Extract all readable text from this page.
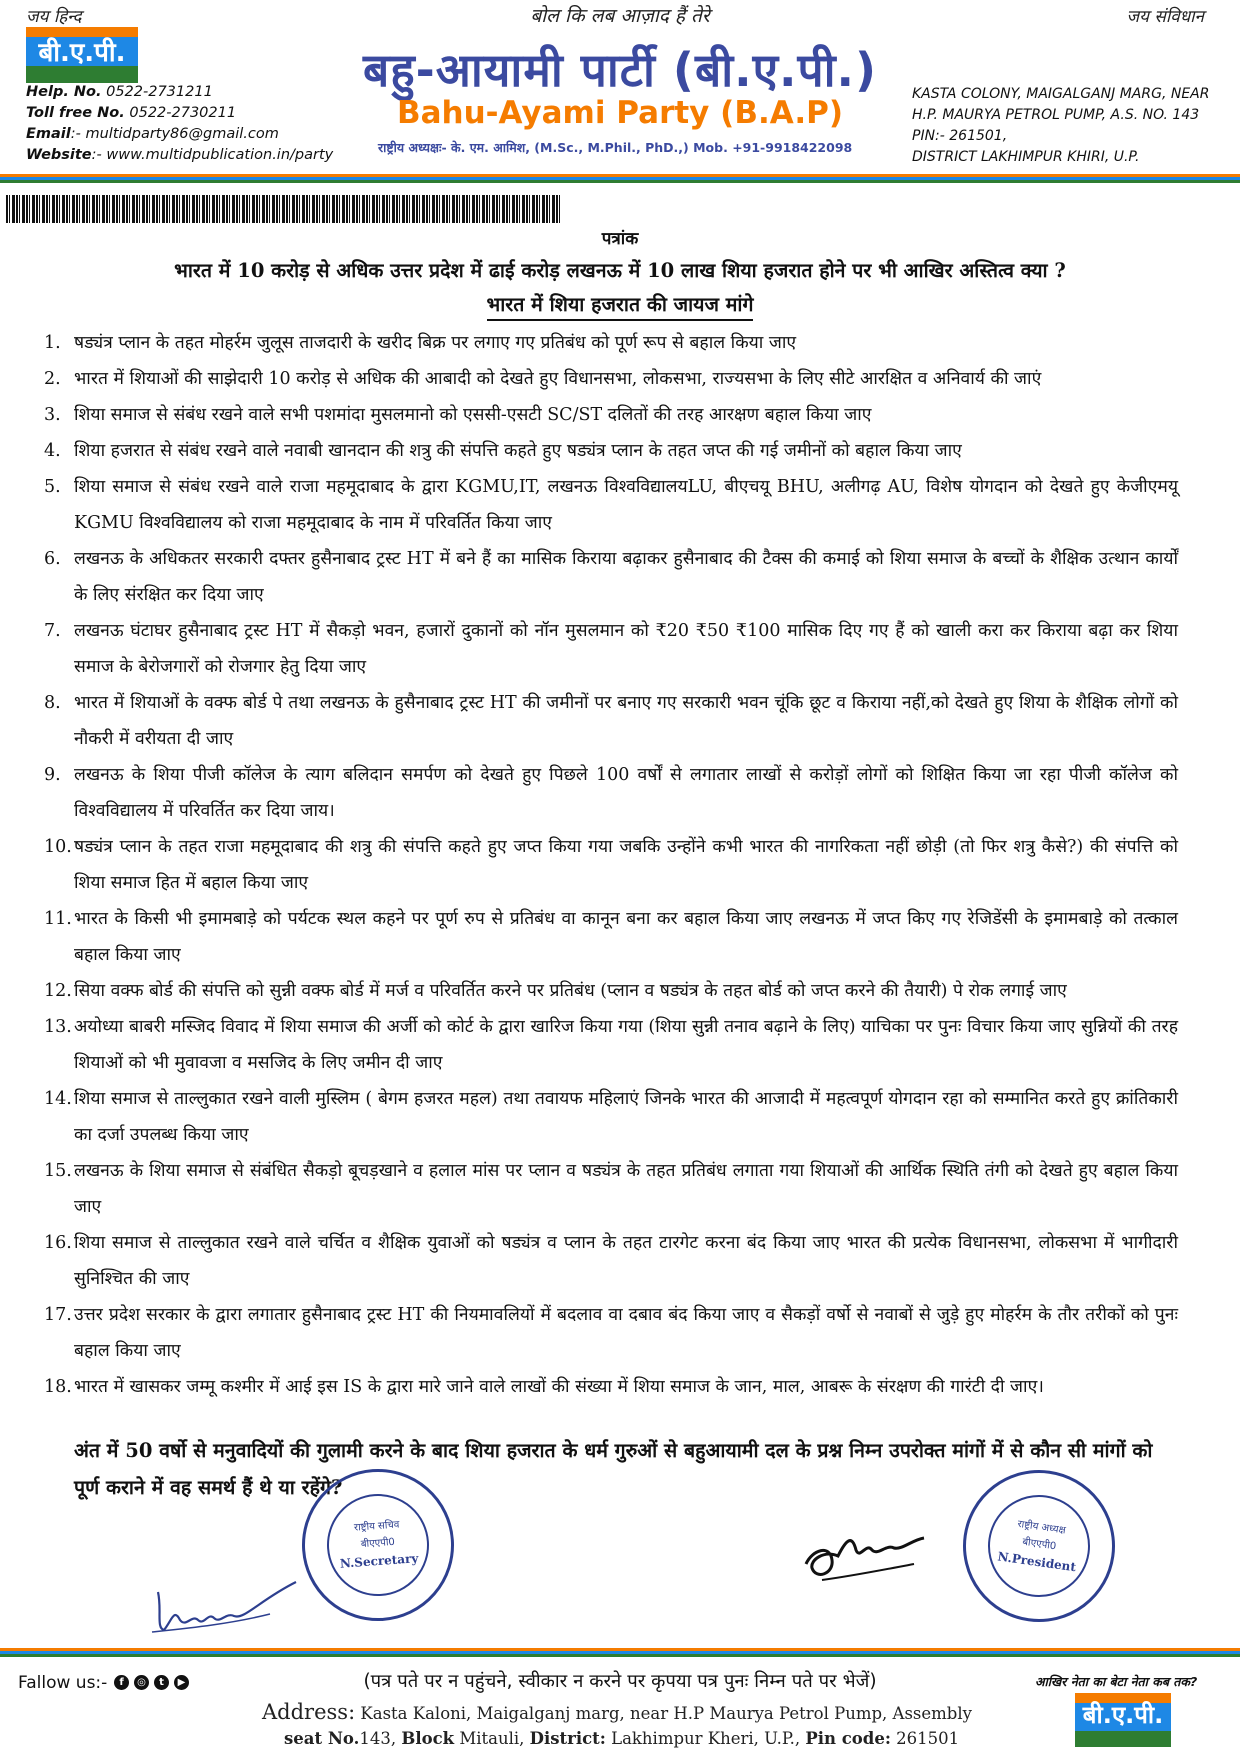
जय हिन्द	बोल कि लब आज़ाद हैं तेरे	जय संविधान
बी.ए.पी.
Help. No. 0522-2731211
Toll free No. 0522-2730211
Email:- multidparty86@gmail.com
Website:- www.multidpublication.in/party
बहु-आयामी पार्टी (बी.ए.पी.)
Bahu-Ayami Party (B.A.P)
राष्ट्रीय अध्यक्षः- के. एम. आमिश, (M.Sc., M.Phil., PhD.,) Mob. +91-9918422098
KASTA COLONY, MAIGALGANJ MARG, NEAR
H.P. MAURYA PETROL PUMP, A.S. NO. 143
PIN:- 261501,
DISTRICT LAKHIMPUR KHIRI, U.P.
पत्रांक
भारत में 10 करोड़ से अधिक उत्तर प्रदेश में ढाई करोड़ लखनऊ में 10 लाख शिया हजरात होने पर भी आखिर अस्तित्व क्या ?
भारत में शिया हजरात की जायज मांगे
1. षड्यंत्र प्लान के तहत मोहर्रम जुलूस ताजदारी के खरीद बिक्र पर लगाए गए प्रतिबंध को पूर्ण रूप से बहाल किया जाए
2. भारत में शियाओं की साझेदारी 10 करोड़ से अधिक की आबादी को देखते हुए विधानसभा, लोकसभा, राज्यसभा के लिए सीटे आरक्षित व अनिवार्य की जाएं
3. शिया समाज से संबंध रखने वाले सभी पशमांदा मुसलमानो को एससी-एसटी SC/ST दलितों की तरह आरक्षण बहाल किया जाए
4. शिया हजरात से संबंध रखने वाले नवाबी खानदान की शत्रु की संपत्ति कहते हुए षड्यंत्र प्लान के तहत जप्त की गई जमीनों को बहाल किया जाए
5. शिया समाज से संबंध रखने वाले राजा महमूदाबाद के द्वारा KGMU,IT, लखनऊ विश्वविद्यालयLU, बीएचयू BHU, अलीगढ़ AU, विशेष योगदान को देखते हुए केजीएमयू KGMU विश्वविद्यालय को राजा महमूदाबाद के नाम में परिवर्तित किया जाए
6. लखनऊ के अधिकतर सरकारी दफ्तर हुसैनाबाद ट्रस्ट HT में बने हैं का मासिक किराया बढ़ाकर हुसैनाबाद की टैक्स की कमाई को शिया समाज के बच्चों के शैक्षिक उत्थान कार्यों के लिए संरक्षित कर दिया जाए
7. लखनऊ घंटाघर हुसैनाबाद ट्रस्ट HT में सैकड़ो भवन, हजारों दुकानों को नॉन मुसलमान को ₹20 ₹50 ₹100 मासिक दिए गए हैं को खाली करा कर किराया बढ़ा कर शिया समाज के बेरोजगारों को रोजगार हेतु दिया जाए
8. भारत में शियाओं के वक्फ बोर्ड पे तथा लखनऊ के हुसैनाबाद ट्रस्ट HT की जमीनों पर बनाए गए सरकारी भवन चूंकि छूट व किराया नहीं,को देखते हुए शिया के शैक्षिक लोगों को नौकरी में वरीयता दी जाए
9. लखनऊ के शिया पीजी कॉलेज के त्याग बलिदान समर्पण को देखते हुए पिछले 100 वर्षों से लगातार लाखों से करोड़ों लोगों को शिक्षित किया जा रहा पीजी कॉलेज को विश्वविद्यालय में परिवर्तित कर दिया जाय।
10. षड्यंत्र प्लान के तहत राजा महमूदाबाद की शत्रु की संपत्ति कहते हुए जप्त किया गया जबकि उन्होंने कभी भारत की नागरिकता नहीं छोड़ी (तो फिर शत्रु कैसे?) की संपत्ति को शिया समाज हित में बहाल किया जाए
11. भारत के किसी भी इमामबाड़े को पर्यटक स्थल कहने पर पूर्ण रुप से प्रतिबंध वा कानून बना कर बहाल किया जाए लखनऊ में जप्त किए गए रेजिडेंसी के इमामबाड़े को तत्काल बहाल किया जाए
12. सिया वक्फ बोर्ड की संपत्ति को सुन्नी वक्फ बोर्ड में मर्ज व परिवर्तित करने पर प्रतिबंध (प्लान व षड्यंत्र के तहत बोर्ड को जप्त करने की तैयारी) पे रोक लगाई जाए
13. अयोध्या बाबरी मस्जिद विवाद में शिया समाज की अर्जी को कोर्ट के द्वारा खारिज किया गया (शिया सुन्नी तनाव बढ़ाने के लिए) याचिका पर पुनः विचार किया जाए सुन्नियों की तरह शियाओं को भी मुवावजा व मसजिद के लिए जमीन दी जाए
14. शिया समाज से ताल्लुकात रखने वाली मुस्लिम ( बेगम हजरत महल) तथा तवायफ महिलाएं जिनके भारत की आजादी में महत्वपूर्ण योगदान रहा को सम्मानित करते हुए क्रांतिकारी का दर्जा उपलब्ध किया जाए
15. लखनऊ के शिया समाज से संबंधित सैकड़ो बूचड़खाने व हलाल मांस पर प्लान व षड्यंत्र के तहत प्रतिबंध लगाता गया शियाओं की आर्थिक स्थिति तंगी को देखते हुए बहाल किया जाए
16. शिया समाज से ताल्लुकात रखने वाले चर्चित व शैक्षिक युवाओं को षड्यंत्र व प्लान के तहत टारगेट करना बंद किया जाए भारत की प्रत्येक विधानसभा, लोकसभा में भागीदारी सुनिश्चित की जाए
17. उत्तर प्रदेश सरकार के द्वारा लगातार हुसैनाबाद ट्रस्ट HT की नियमावलियों में बदलाव वा दबाव बंद किया जाए व सैकड़ों वर्षो से नवाबों से जुड़े हुए मोहर्रम के तौर तरीकों को पुनः बहाल किया जाए
18. भारत में खासकर जम्मू कश्मीर में आई इस IS के द्वारा मारे जाने वाले लाखों की संख्या में शिया समाज के जान, माल, आबरू के संरक्षण की गारंटी दी जाए।
अंत में 50 वर्षो से मनुवादियों की गुलामी करने के बाद शिया हजरात के धर्म गुरुओं से बहुआयामी दल के प्रश्न निम्न उपरोक्त मांगों में से कौन सी मांगों को पूर्ण कराने में वह समर्थ हैं थे या रहेंगे?
राष्ट्रीय सचिव
बीएएपी0
N.Secretary
राष्ट्रीय अध्यक्ष
बीएएपी0
N.President
Fallow us:-	f	◎	t	▶	(पत्र पते पर न पहुंचने, स्वीकार न करने पर कृपया पत्र पुनः निम्न पते पर भेजें)	आखिर नेता का बेटा नेता कब तक?
Address: Kasta Kaloni, Maigalganj marg, near H.P Maurya Petrol Pump, Assembly
seat No.143, Block Mitauli, District: Lakhimpur Kheri, U.P., Pin code: 261501
बी.ए.पी.
